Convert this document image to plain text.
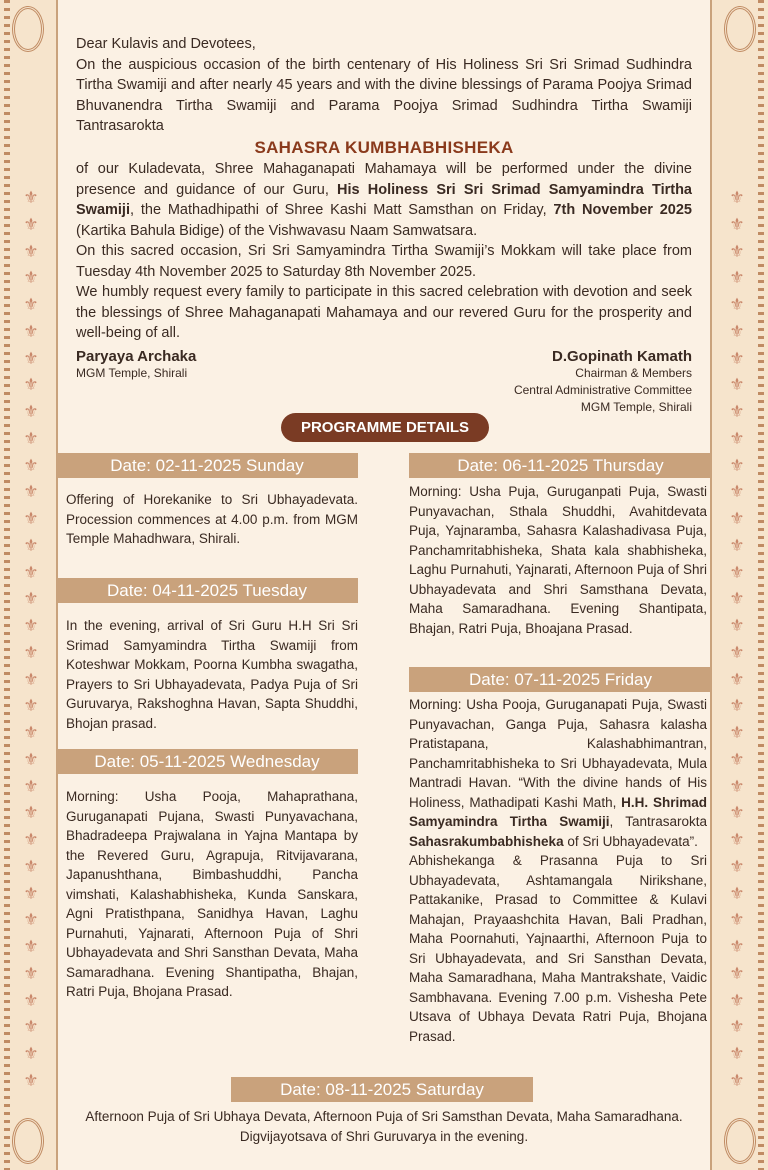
⚜
⚜
⚜
⚜
⚜
⚜
⚜
⚜
⚜
⚜
⚜
⚜
⚜
⚜
⚜
⚜
⚜
⚜
⚜
⚜
⚜
⚜
⚜
⚜
⚜
⚜
⚜
⚜
⚜
⚜
⚜
⚜
⚜
⚜
⚜
⚜
⚜
⚜
⚜
⚜
⚜
⚜
⚜
⚜
⚜
⚜
⚜
⚜
⚜
⚜
⚜
⚜
⚜
⚜
⚜
⚜
⚜
⚜
⚜
⚜
⚜
⚜
⚜
⚜
⚜
⚜
⚜
⚜

Dear Kulavis and Devotees,

On the auspicious occasion of the birth centenary of His Holiness Sri Sri Srimad Sudhindra Tirtha Swamiji and after nearly 45 years and with the divine blessings of Parama Poojya Srimad Bhuvanendra Tirtha Swamiji and Parama Poojya Srimad Sudhindra Tirtha Swamiji Tantrasarokta

SAHASRA KUMBHABHISHEKA

of our Kuladevata, Shree Mahaganapati Mahamaya will be performed under the divine presence and guidance of our Guru, His Holiness Sri Sri Srimad Samyamindra Tirtha Swamiji, the Mathadhipathi of Shree Kashi Matt Samsthan on Friday, 7th November 2025 (Kartika Bahula Bidige) of the Vishwavasu Naam Samwatsara.

On this sacred occasion, Sri Sri Samyamindra Tirtha Swamiji’s Mokkam will take place from Tuesday 4th November 2025 to Saturday 8th November 2025.

We humbly request every family to participate in this sacred celebration with devotion and seek the blessings of Shree Mahaganapati Mahamaya and our revered Guru for the prosperity and well-being of all.

Paryaya Archaka
MGM Temple, Shirali
D.Gopinath Kamath
Chairman & Members
Central Administrative Committee
MGM Temple, Shirali
PROGRAMME DETAILS
Date: 02-11-2025 Sunday
Offering of Horekanike to Sri Ubhayadevata. Procession commences at 4.00 p.m. from MGM Temple Mahadhwara, Shirali.
Date: 04-11-2025 Tuesday
In the evening, arrival of Sri Guru H.H Sri Sri Srimad Samyamindra Tirtha Swamiji from Koteshwar Mokkam, Poorna Kumbha swagatha, Prayers to Sri Ubhayadevata, Padya Puja of Sri Guruvarya, Rakshoghna Havan, Sapta Shuddhi, Bhojan prasad.
Date: 05-11-2025 Wednesday
Morning: Usha Pooja, Mahaprathana, Guruganapati Pujana, Swasti Punyavachana, Bhadradeepa Prajwalana in Yajna Mantapa by the Revered Guru, Agrapuja, Ritvijavarana, Japanushthana, Bimbashuddhi, Pancha vimshati, Kalashabhisheka, Kunda Sanskara, Agni Pratisthpana, Sanidhya Havan, Laghu Purnahuti, Yajnarati, Afternoon Puja of Shri Ubhayadevata and Shri Sansthan Devata, Maha Samaradhana. Evening Shantipatha, Bhajan, Ratri Puja, Bhojana Prasad.
Date: 06-11-2025 Thursday
Morning: Usha Puja, Guruganpati Puja, Swasti Punyavachan, Sthala Shuddhi, Avahitdevata Puja, Yajnaramba, Sahasra Kalashadivasa Puja, Panchamritabhisheka, Shata kala shabhisheka, Laghu Purnahuti, Yajnarati, Afternoon Puja of Shri Ubhayadevata and Shri Samsthana Devata, Maha Samaradhana. Evening Shantipata, Bhajan, Ratri Puja, Bhoajana Prasad.
Date: 07-11-2025 Friday

Morning: Usha Pooja, Guruganapati Puja, Swasti Punyavachan, Ganga Puja, Sahasra kalasha Pratistapana, Kalashabhimantran, Panchamritabhisheka to Sri Ubhayadevata, Mula Mantradi Havan. “With the divine hands of His Holiness, Mathadipati Kashi Math, H.H. Shrimad Samyamindra Tirtha Swamiji, Tantrasarokta Sahasrakumbabhisheka of Sri Ubhayadevata”.

Abhishekanga & Prasanna Puja to Sri Ubhayadevata, Ashtamangala Nirikshane, Pattakanike, Prasad to Committee & Kulavi Mahajan, Prayaashchita Havan, Bali Pradhan, Maha Poornahuti, Yajnaarthi, Afternoon Puja to Sri Ubhayadevata, and Sri Sansthan Devata, Maha Samaradhana, Maha Mantrakshate, Vaidic Sambhavana. Evening 7.00 p.m. Vishesha Pete Utsava of Ubhaya Devata Ratri Puja, Bhojana Prasad.

Date: 08-11-2025 Saturday
Afternoon Puja of Sri Ubhaya Devata, Afternoon Puja of Sri Samsthan Devata, Maha Samaradhana.
Digvijayotsava of Shri Guruvarya in the evening.
